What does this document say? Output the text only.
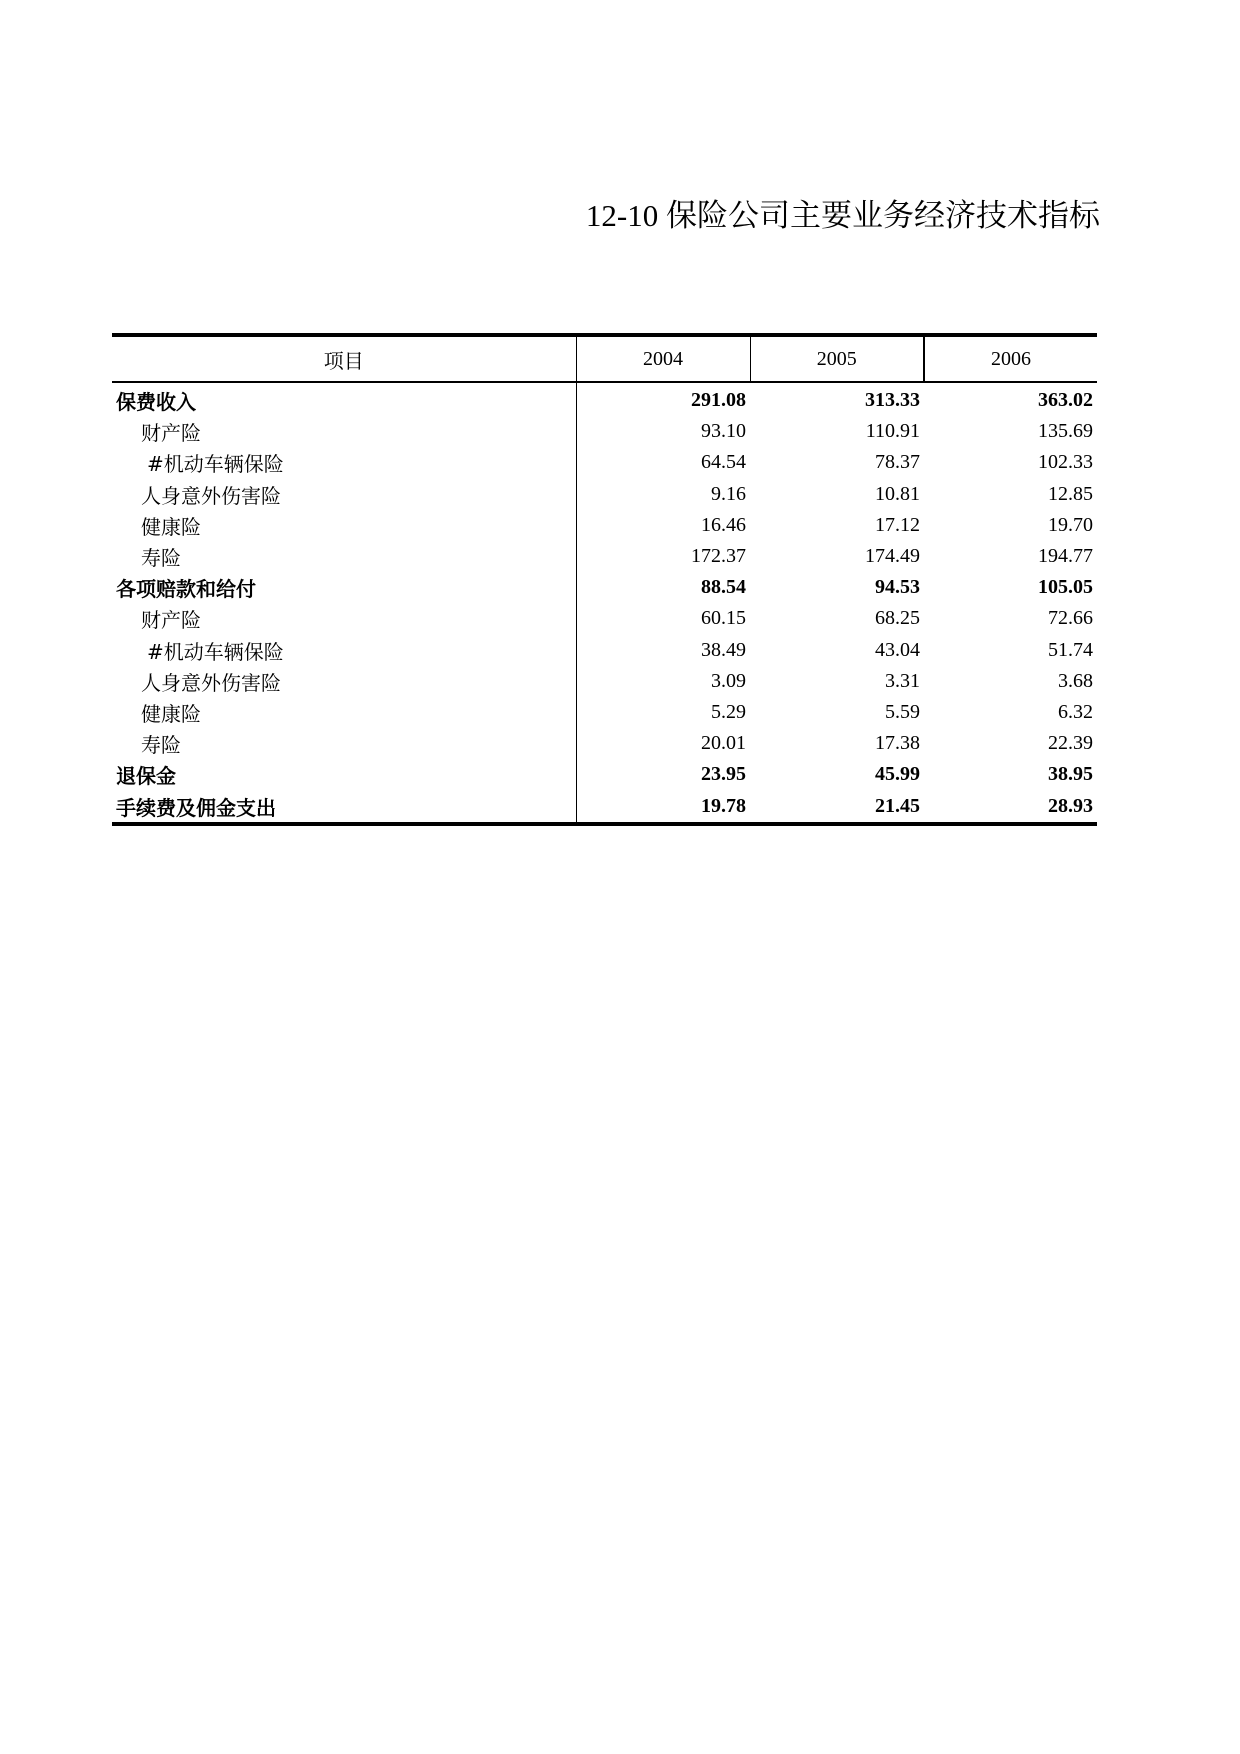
12-10 保险公司主要业务经济技术指标
项目	2004	2005	2006
保费收入	291.08	313.33	363.02
财产险	93.10	110.91	135.69
#机动车辆保险	64.54	78.37	102.33
人身意外伤害险	9.16	10.81	12.85
健康险	16.46	17.12	19.70
寿险	172.37	174.49	194.77
各项赔款和给付	88.54	94.53	105.05
财产险	60.15	68.25	72.66
#机动车辆保险	38.49	43.04	51.74
人身意外伤害险	3.09	3.31	3.68
健康险	5.29	5.59	6.32
寿险	20.01	17.38	22.39
退保金	23.95	45.99	38.95
手续费及佣金支出	19.78	21.45	28.93
